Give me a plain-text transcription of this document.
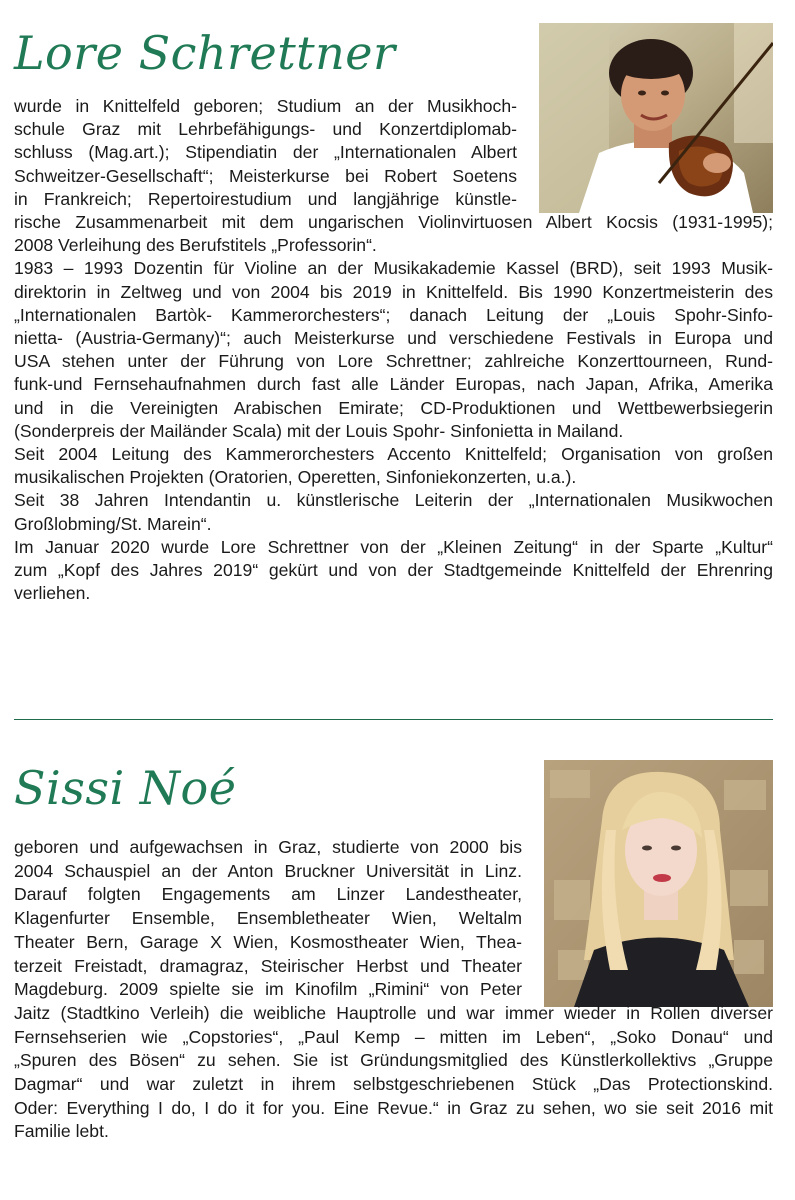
Lore Schrettner
wurde in Knittelfeld geboren; Studium an der Musikhoch-
schule Graz mit Lehrbefähigungs- und Konzertdiplomab-
schluss (Mag.art.); Stipendiatin der „Internationalen Albert
Schweitzer-Gesellschaft“; Meisterkurse bei Robert Soetens
in Frankreich; Repertoirestudium und langjährige künstle-
rische Zusammenarbeit mit dem ungarischen Violinvirtuosen Albert Kocsis (1931-1995);
2008 Verleihung des Berufstitels „Professorin“.
1983 – 1993 Dozentin für Violine an der Musikakademie Kassel (BRD), seit 1993 Musik-
direktorin in Zeltweg und von 2004 bis 2019 in Knittelfeld. Bis 1990 Konzertmeisterin des
„Internationalen Bartòk- Kammerorchesters“; danach Leitung der „Louis Spohr-Sinfo-
nietta- (Austria-Germany)“; auch Meisterkurse und verschiedene Festivals in Europa und
USA stehen unter der Führung von Lore Schrettner; zahlreiche Konzerttourneen, Rund-
funk-und Fernsehaufnahmen durch fast alle Länder Europas, nach Japan, Afrika, Amerika
und in die Vereinigten Arabischen Emirate; CD-Produktionen und Wettbewerbsiegerin
(Sonderpreis der Mailänder Scala) mit der Louis Spohr- Sinfonietta in Mailand.
Seit 2004 Leitung des Kammerorchesters Accento Knittelfeld; Organisation von großen
musikalischen Projekten (Oratorien, Operetten, Sinfoniekonzerten, u.a.).
Seit 38 Jahren Intendantin u. künstlerische Leiterin der „Internationalen Musikwochen
Großlobming/St. Marein“.
Im Januar 2020 wurde Lore Schrettner von der „Kleinen Zeitung“ in der Sparte „Kultur“
zum „Kopf des Jahres 2019“ gekürt und von der Stadtgemeinde Knittelfeld der Ehrenring
verliehen.
Sissi Noé
geboren und aufgewachsen in Graz, studierte von 2000 bis
2004 Schauspiel an der Anton Bruckner Universität in Linz.
Darauf folgten Engagements am Linzer Landestheater,
Klagenfurter Ensemble, Ensembletheater Wien, Weltalm
Theater Bern, Garage X Wien, Kosmostheater Wien, Thea-
terzeit Freistadt, dramagraz, Steirischer Herbst und Theater
Magdeburg. 2009 spielte sie im Kinofilm „Rimini“ von Peter
Jaitz (Stadtkino Verleih) die weibliche Hauptrolle und war immer wieder in Rollen diverser
Fernsehserien wie „Copstories“, „Paul Kemp – mitten im Leben“, „Soko Donau“ und
„Spuren des Bösen“ zu sehen. Sie ist Gründungsmitglied des Künstlerkollektivs „Gruppe
Dagmar“ und war zuletzt in ihrem selbstgeschriebenen Stück „Das Protectionskind.
Oder: Everything I do, I do it for you. Eine Revue.“ in Graz zu sehen, wo sie seit 2016 mit
Familie lebt.
